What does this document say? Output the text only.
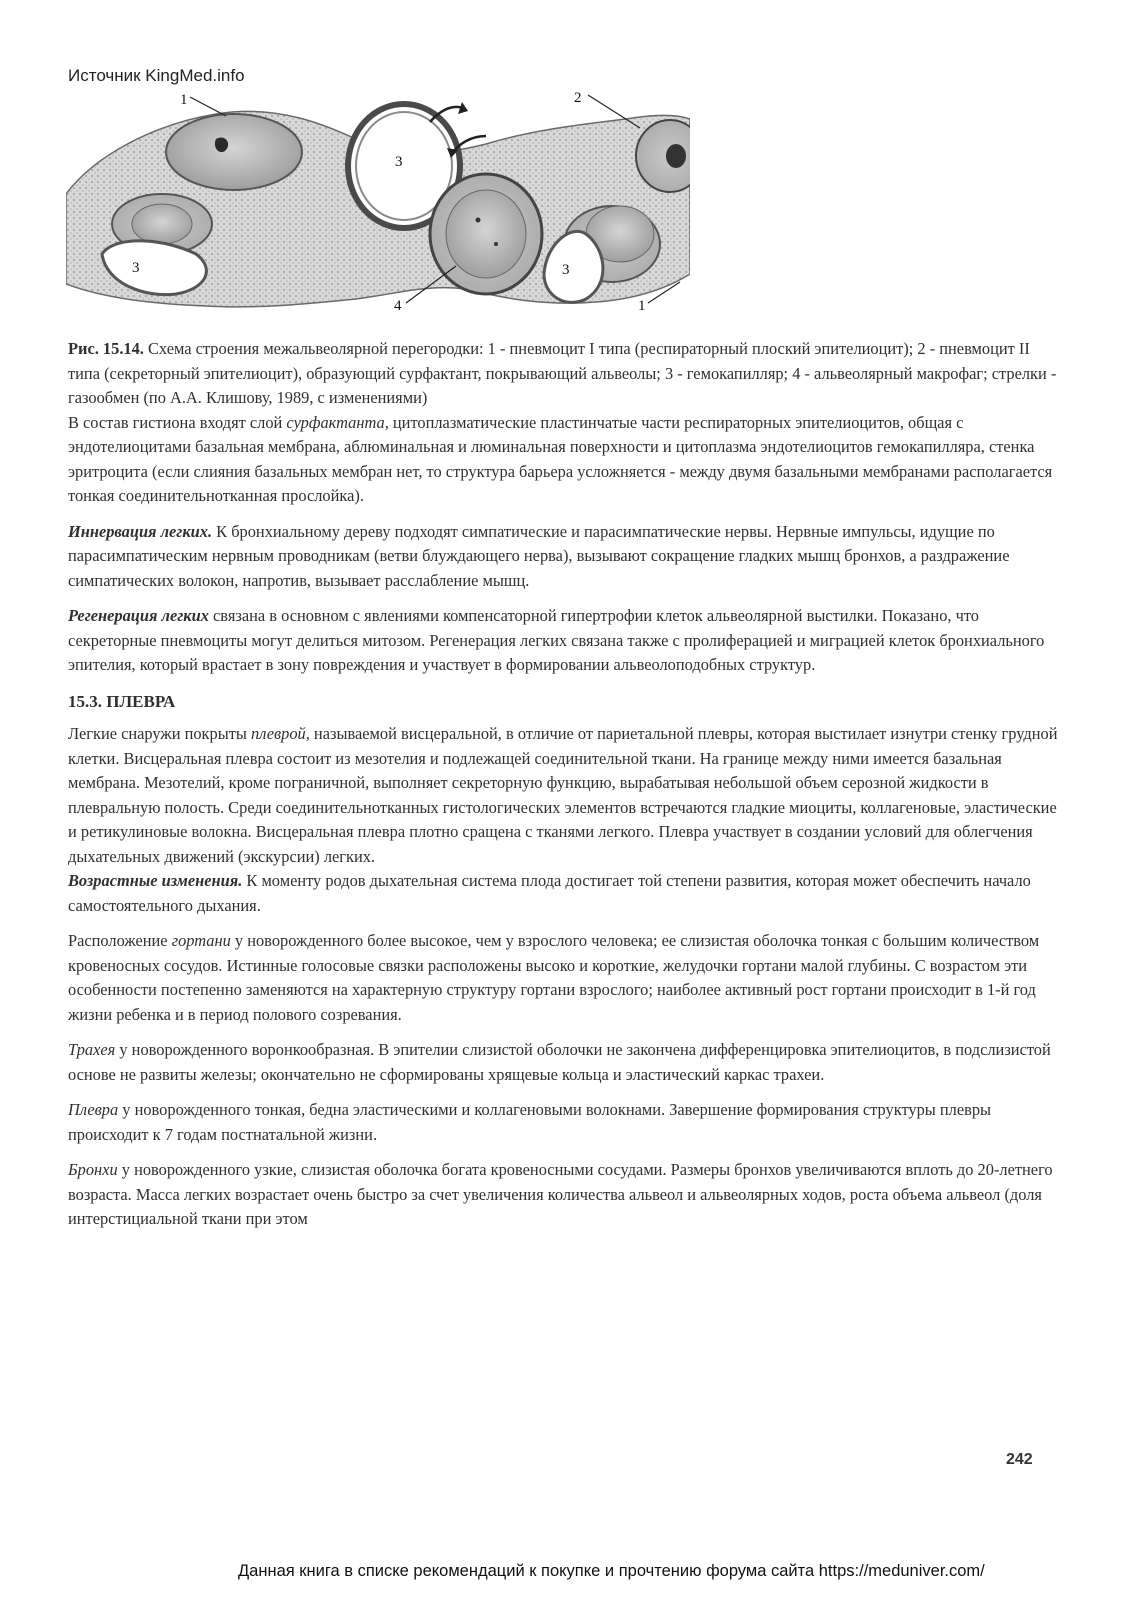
Источник KingMed.info
1	2
3
3	3
4	1

Рис. 15.14. Схема строения межальвеолярной перегородки: 1 - пневмоцит I типа (респираторный плоский эпителиоцит); 2 - пневмоцит II типа (секреторный эпителиоцит), образующий сурфактант, покрывающий альвеолы; 3 - гемокапилляр; 4 - альвеолярный макрофаг; стрелки - газообмен (по А.А. Клишову, 1989, с изменениями)

В состав гистиона входят слой сурфактанта, цитоплазматические пластинчатые части респираторных эпителиоцитов, общая с эндотелиоцитами базальная мембрана, аблюминальная и люминальная поверхности и цитоплазма эндотелиоцитов гемокапилляра, стенка эритроцита (если слияния базальных мембран нет, то структура барьера усложняется - между двумя базальными мембранами располагается тонкая соединительнотканная прослойка).

Иннервация легких. К бронхиальному дереву подходят симпатические и парасимпатические нервы. Нервные импульсы, идущие по парасимпатическим нервным проводникам (ветви блуждающего нерва), вызывают сокращение гладких мышц бронхов, а раздражение симпатических волокон, напротив, вызывает расслабление мышц.

Регенерация легких связана в основном с явлениями компенсаторной гипертрофии клеток альвеолярной выстилки. Показано, что секреторные пневмоциты могут делиться митозом. Регенерация легких связана также с пролиферацией и миграцией клеток бронхиального эпителия, который врастает в зону повреждения и участвует в формировании альвеолоподобных структур.

15.3. ПЛЕВРА

Легкие снаружи покрыты плеврой, называемой висцеральной, в отличие от париетальной плевры, которая выстилает изнутри стенку грудной клетки. Висцеральная плевра состоит из мезотелия и подлежащей соединительной ткани. На границе между ними имеется базальная мембрана. Мезотелий, кроме пограничной, выполняет секреторную функцию, вырабатывая небольшой объем серозной жидкости в плевральную полость. Среди соединительнотканных гистологических элементов встречаются гладкие миоциты, коллагеновые, эластические и ретикулиновые волокна. Висцеральная плевра плотно сращена с тканями легкого. Плевра участвует в создании условий для облегчения дыхательных движений (экскурсии) легких.

Возрастные изменения. К моменту родов дыхательная система плода достигает той степени развития, которая может обеспечить начало самостоятельного дыхания.

Расположение гортани у новорожденного более высокое, чем у взрослого человека; ее слизистая оболочка тонкая с большим количеством кровеносных сосудов. Истинные голосовые связки расположены высоко и короткие, желудочки гортани малой глубины. С возрастом эти особенности постепенно заменяются на характерную структуру гортани взрослого; наиболее активный рост гортани происходит в 1-й год жизни ребенка и в период полового созревания.

Трахея у новорожденного воронкообразная. В эпителии слизистой оболочки не закончена дифференцировка эпителиоцитов, в подслизистой основе не развиты железы; окончательно не сформированы хрящевые кольца и эластический каркас трахеи.

Плевра у новорожденного тонкая, бедна эластическими и коллагеновыми волокнами. Завершение формирования структуры плевры происходит к 7 годам постнатальной жизни.

Бронхи у новорожденного узкие, слизистая оболочка богата кровеносными сосудами. Размеры бронхов увеличиваются вплоть до 20-летнего возраста. Масса легких возрастает очень быстро за счет увеличения количества альвеол и альвеолярных ходов, роста объема альвеол (доля интерстициальной ткани при этом

242
Данная книга в списке рекомендаций к покупке и прочтению форума сайта https://meduniver.com/
